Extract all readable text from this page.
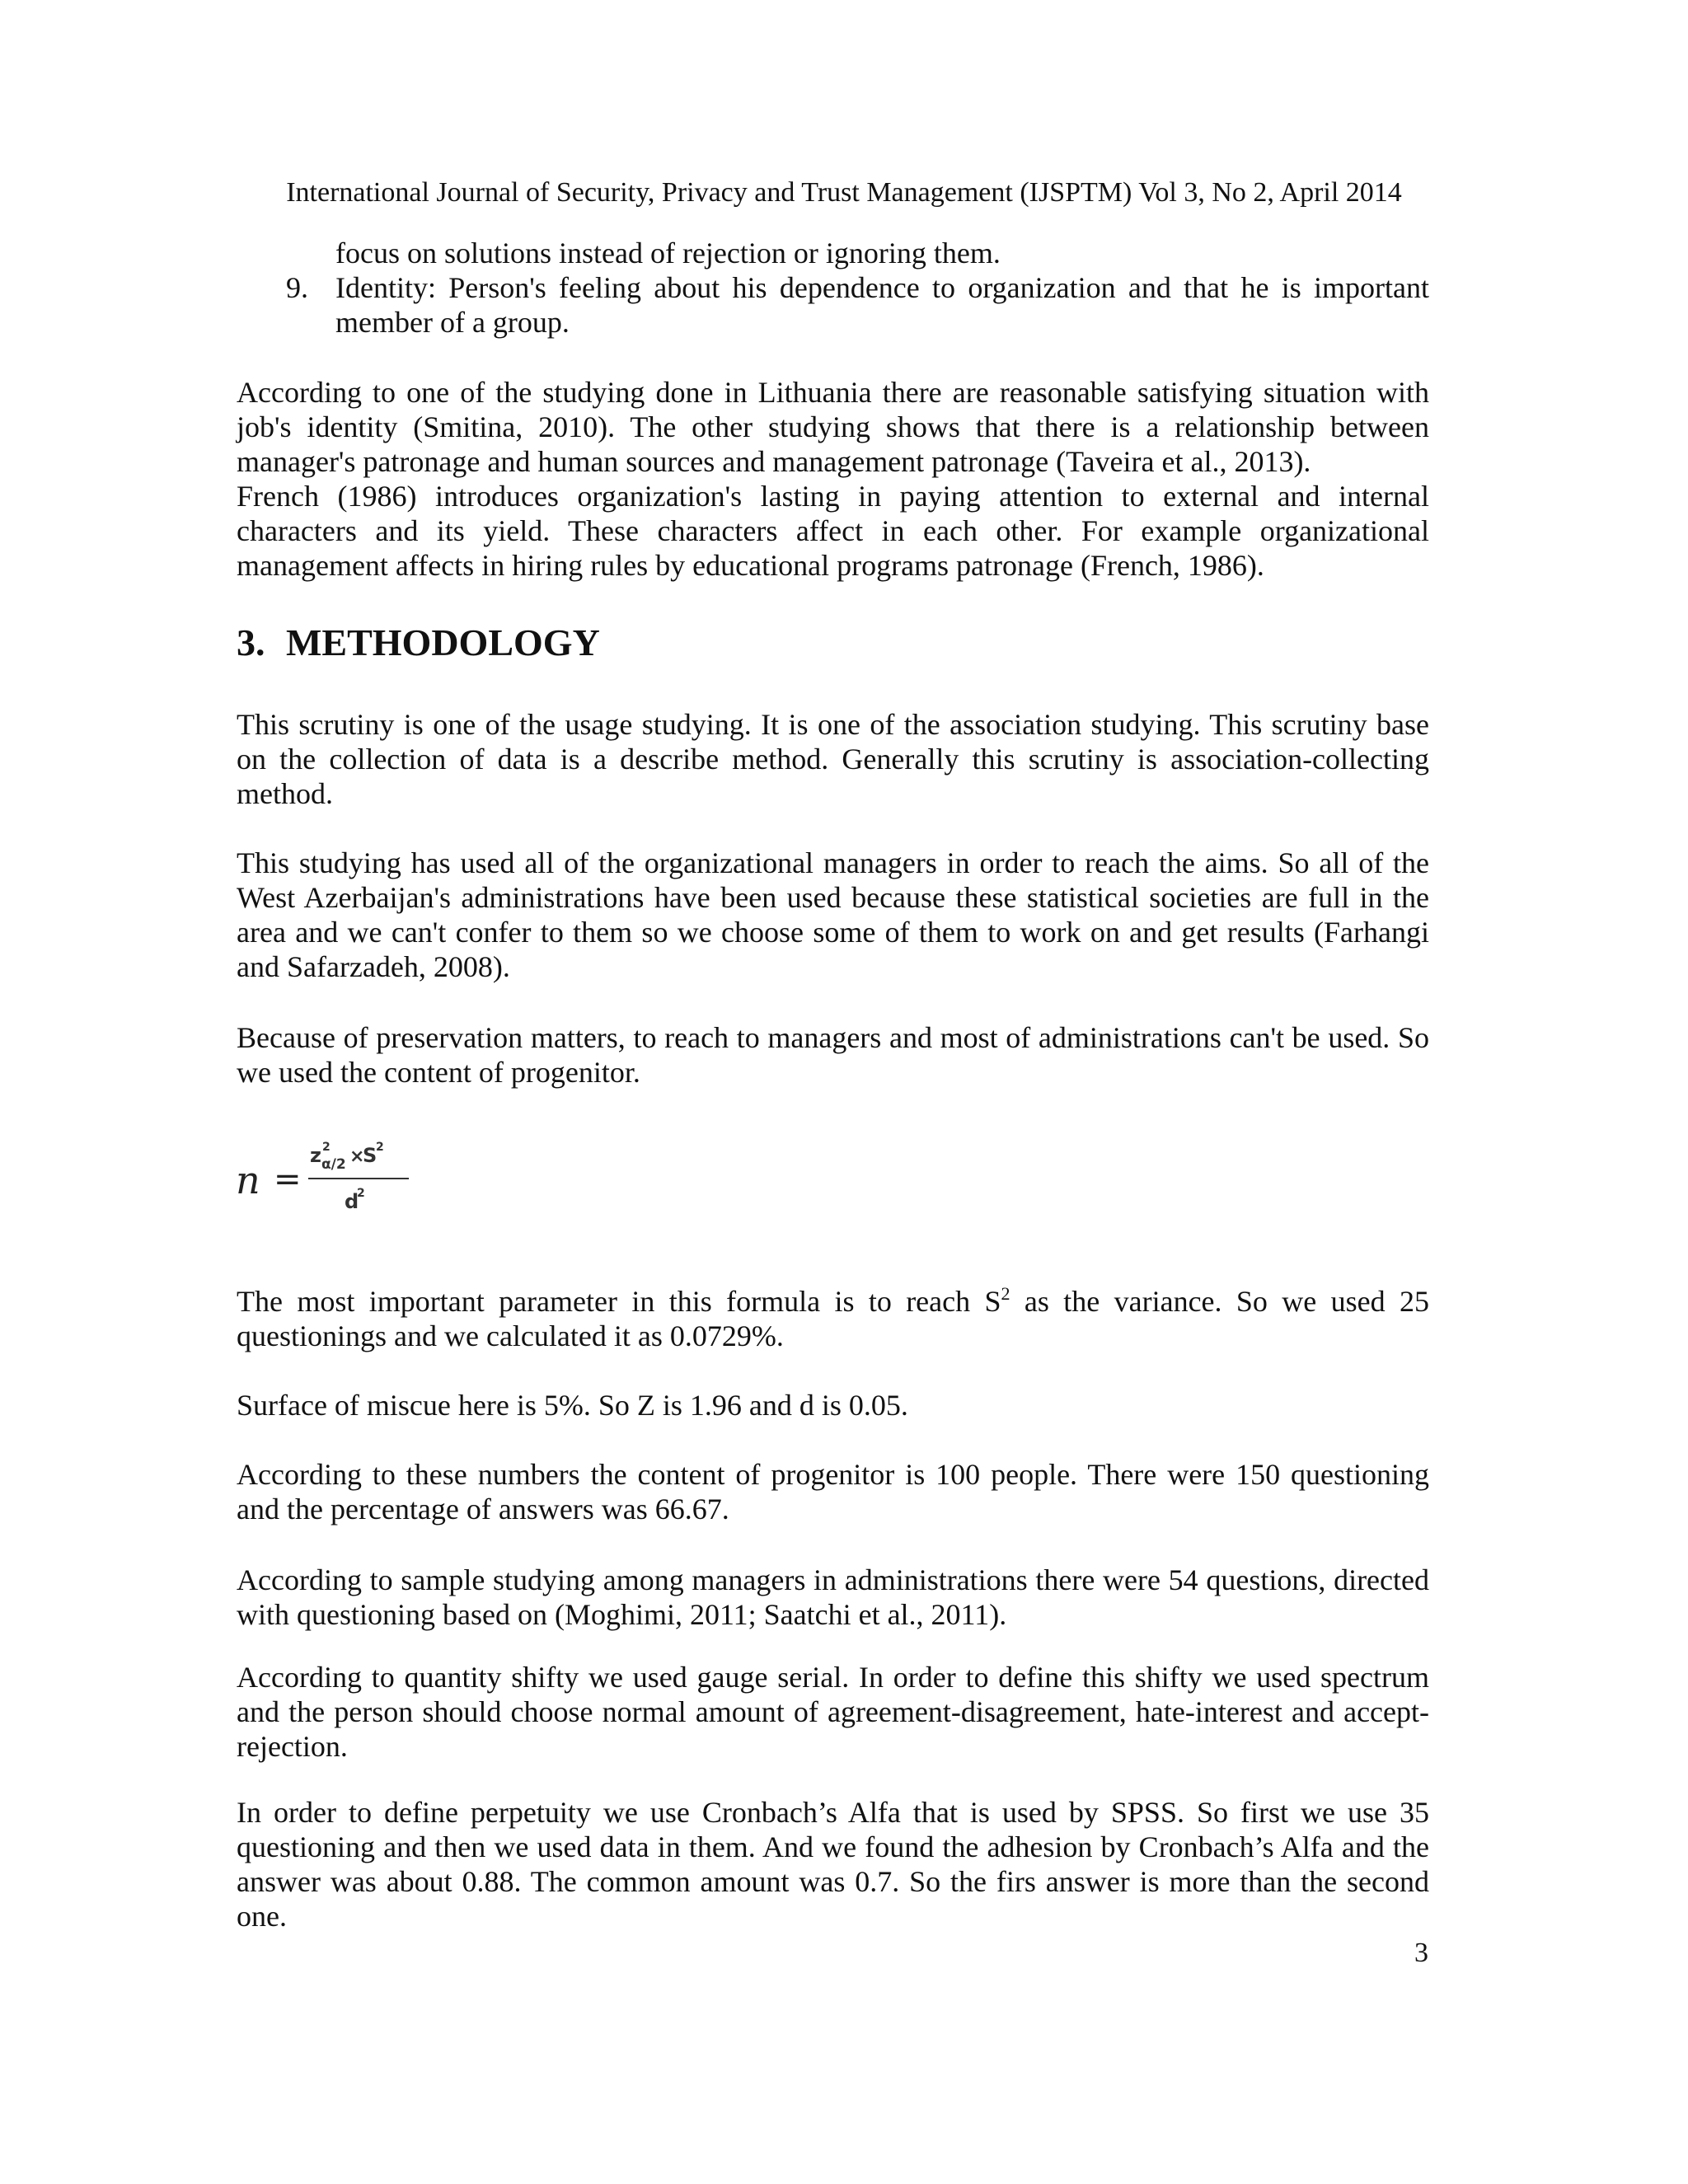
International Journal of Security, Privacy and Trust Management (IJSPTM) Vol 3, No 2, April 2014
focus on solutions instead of rejection or ignoring them.
9. Identity: Person's feeling about his dependence to organization and that he is important member of a group.

According to one of the studying done in Lithuania there are reasonable satisfying situation with job's identity (Smitina, 2010). The other studying shows that there is a relationship between manager's patronage and human sources and management patronage (Taveira et al., 2013).

French (1986) introduces organization's lasting in paying attention to external and internal characters and its yield. These characters affect in each other. For example organizational management affects in hiring rules by educational programs patronage (French, 1986).

3. METHODOLOGY

This scrutiny is one of the usage studying. It is one of the association studying. This scrutiny base on the collection of data is a describe method. Generally this scrutiny is association-collecting method.

This studying has used all of the organizational managers in order to reach the aims. So all of the West Azerbaijan's administrations have been used because these statistical societies are full in the area and we can't confer to them so we choose some of them to work on and get results (Farhangi and Safarzadeh, 2008).

Because of preservation matters, to reach to managers and most of administrations can't be used. So we used the content of progenitor.

n =
z 2
α/2 ×
S
2
d
2

The most important parameter in this formula is to reach $S^2$ as the variance. So we used 25 questionings and we calculated it as 0.0729%.

Surface of miscue here is 5%. So Z is 1.96 and d is 0.05.

According to these numbers the content of progenitor is 100 people. There were 150 questioning and the percentage of answers was 66.67.

According to sample studying among managers in administrations there were 54 questions, directed with questioning based on (Moghimi, 2011; Saatchi et al., 2011).

According to quantity shifty we used gauge serial. In order to define this shifty we used spectrum and the person should choose normal amount of agreement-disagreement, hate-interest and accept-rejection.

In order to define perpetuity we use Cronbach’s Alfa that is used by SPSS. So first we use 35 questioning and then we used data in them. And we found the adhesion by Cronbach’s Alfa and the answer was about 0.88. The common amount was 0.7. So the firs answer is more than the second one.

3
